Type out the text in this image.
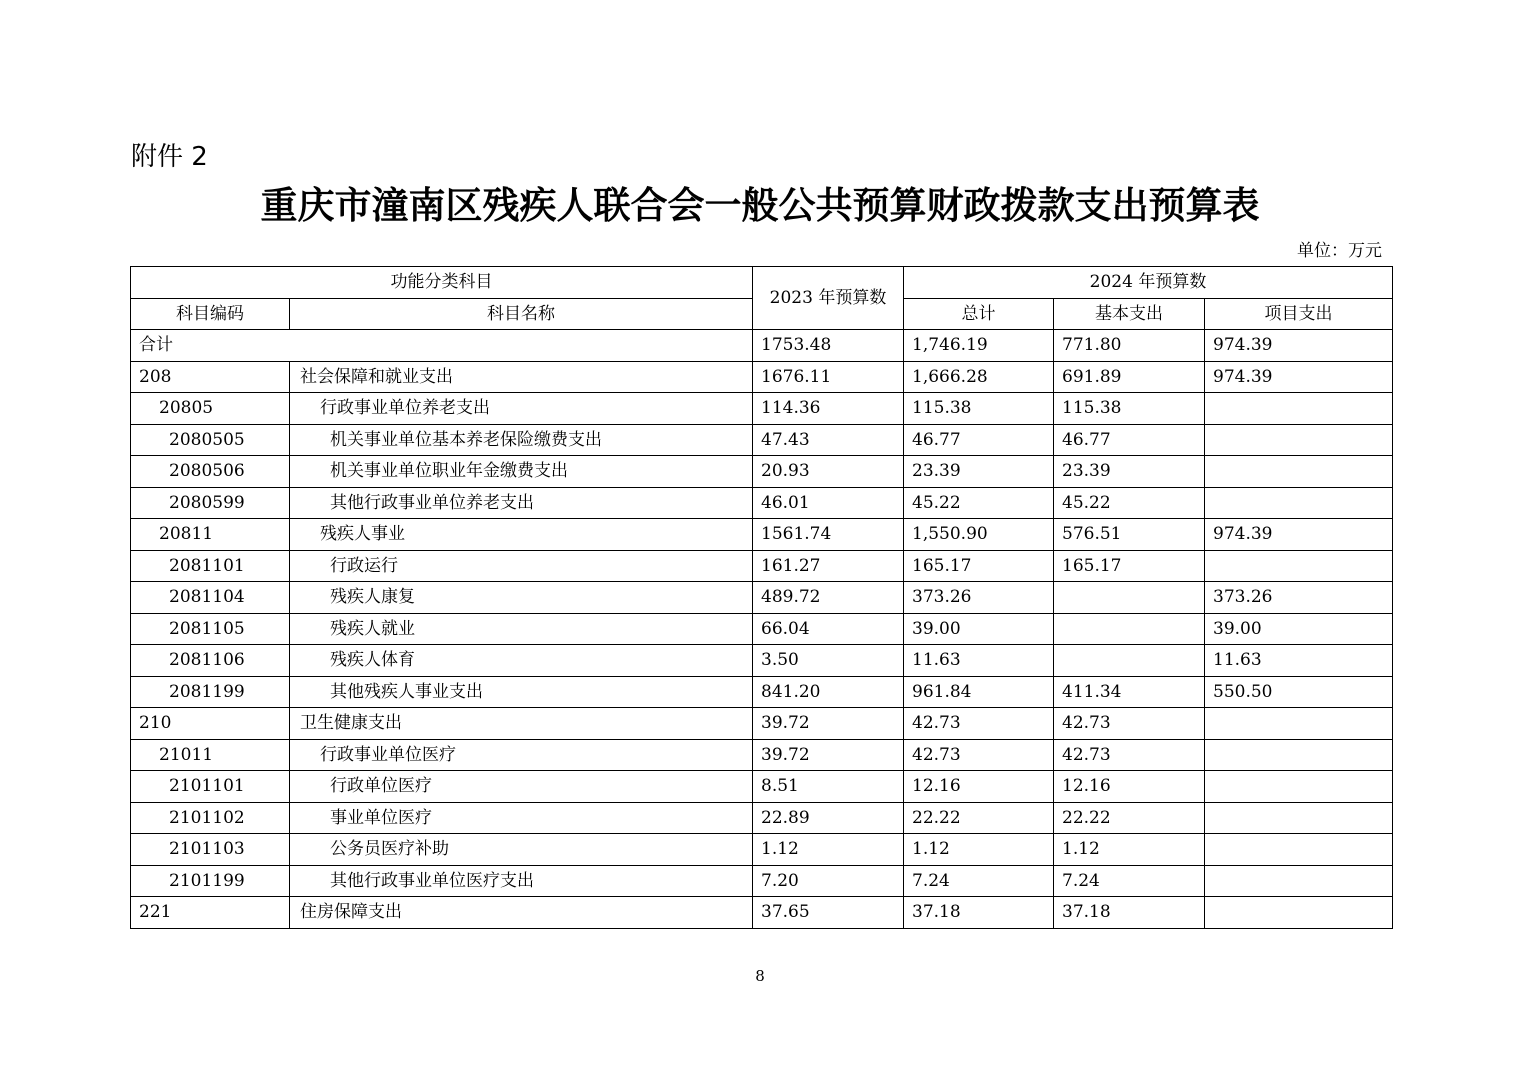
附件 2
重庆市潼南区残疾人联合会一般公共预算财政拨款支出预算表
单位：万元
功能分类科目		2023 年预算数	2024 年预算数		
科目编码	科目名称		总计	基本支出	项目支出
合计		1753.48	1,746.19	771.80	974.39
208	社会保障和就业支出	1676.11	1,666.28	691.89	974.39
20805	行政事业单位养老支出	114.36	115.38	115.38	
2080505	机关事业单位基本养老保险缴费支出	47.43	46.77	46.77	
2080506	机关事业单位职业年金缴费支出	20.93	23.39	23.39	
2080599	其他行政事业单位养老支出	46.01	45.22	45.22	
20811	残疾人事业	1561.74	1,550.90	576.51	974.39
2081101	行政运行	161.27	165.17	165.17	
2081104	残疾人康复	489.72	373.26		373.26
2081105	残疾人就业	66.04	39.00		39.00
2081106	残疾人体育	3.50	11.63		11.63
2081199	其他残疾人事业支出	841.20	961.84	411.34	550.50
210	卫生健康支出	39.72	42.73	42.73	
21011	行政事业单位医疗	39.72	42.73	42.73	
2101101	行政单位医疗	8.51	12.16	12.16	
2101102	事业单位医疗	22.89	22.22	22.22	
2101103	公务员医疗补助	1.12	1.12	1.12	
2101199	其他行政事业单位医疗支出	7.20	7.24	7.24	
221	住房保障支出	37.65	37.18	37.18	
8
